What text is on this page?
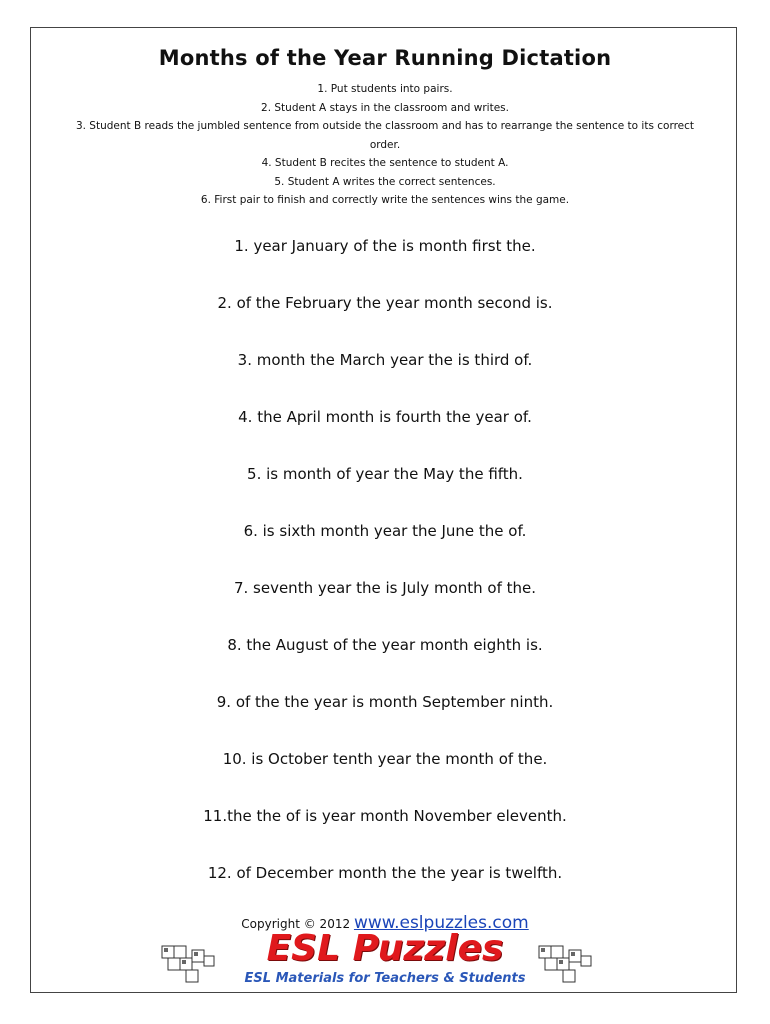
Months of the Year Running Dictation
1. Put students into pairs.
2. Student A stays in the classroom and writes.
3. Student B reads the jumbled sentence from outside the classroom and has to rearrange the sentence to its correct order.
4. Student B recites the sentence to student A.
5. Student A writes the correct sentences.
6. First pair to finish and correctly write the sentences wins the game.
1. year January of the is month first the.
2. of the February the year month second is.
3. month the March year the is third of.
4. the April month is fourth the year of.
5. is month of year the May the fifth.
6. is sixth month year the June the of.
7. seventh year the is July month of the.
8. the August of the year month eighth is.
9. of the the year is month September ninth.
10. is October tenth year the month of the.
11.the the of is year month November eleventh.
12. of December month the the year is twelfth.
Copyright © 2012 www.eslpuzzles.com
ESL Puzzles
ESL Materials for Teachers & Students
